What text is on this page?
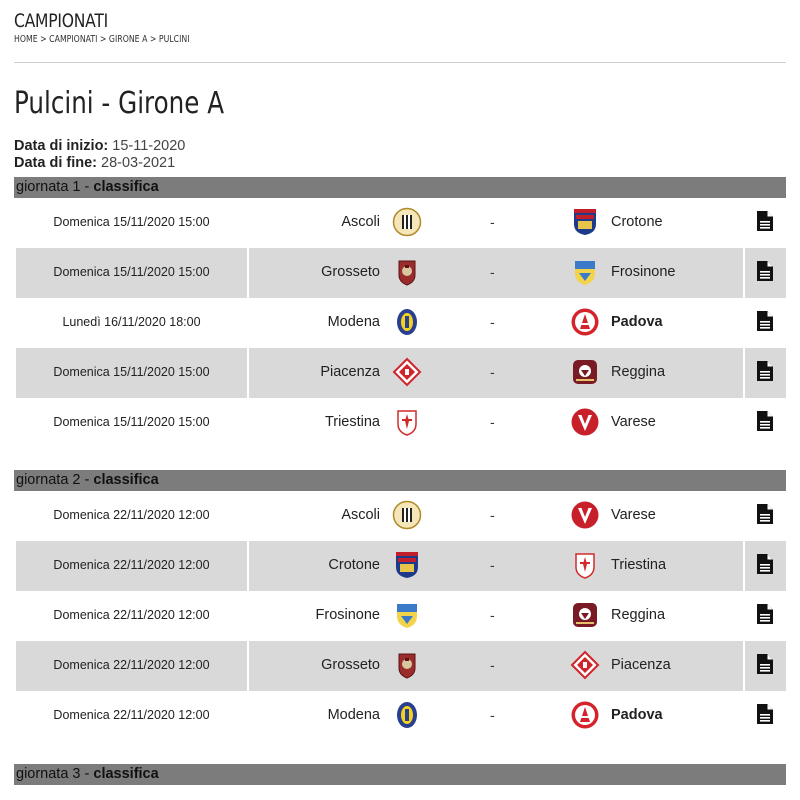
CAMPIONATI
HOME > CAMPIONATI > GIRONE A > PULCINI
Pulcini - Girone A
Data di inizio: 15-11-2020
Data di fine: 28-03-2021
giornata 1 - classifica
Domenica 15/11/2020 15:00	Ascoli	-	Crotone
Domenica 15/11/2020 15:00	Grosseto	-	Frosinone
Lunedì 16/11/2020 18:00	Modena	-	Padova
Domenica 15/11/2020 15:00	Piacenza	-	Reggina
Domenica 15/11/2020 15:00	Triestina	-	Varese
giornata 2 - classifica
Domenica 22/11/2020 12:00	Ascoli	-	Varese
Domenica 22/11/2020 12:00	Crotone	-	Triestina
Domenica 22/11/2020 12:00	Frosinone	-	Reggina
Domenica 22/11/2020 12:00	Grosseto	-	Piacenza
Domenica 22/11/2020 12:00	Modena	-	Padova
giornata 3 - classifica
